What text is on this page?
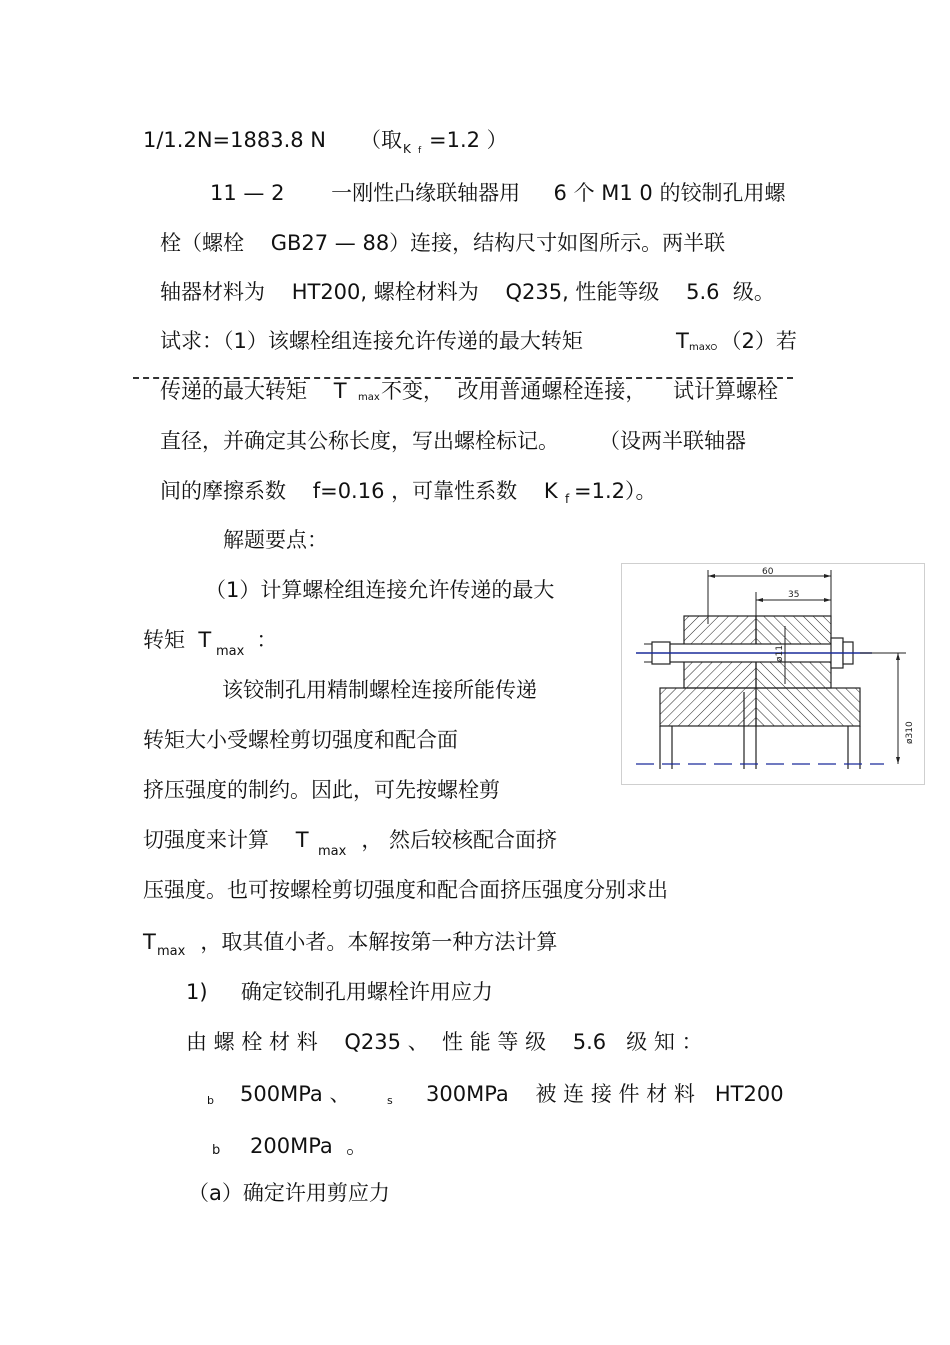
1/1.2N=1883.8 N （取 K f =1.2 ）
11 — 2       一刚性凸缘联轴器用     6 个 M1 0 的铰制孔用螺
栓（螺栓    GB27 — 88）连接，结构尺寸如图所示。两半联
轴器材料为    HT200, 螺栓材料为    Q235, 性能等级    5.6  级。
试求：（1）该螺栓组连接允许传递的最大转矩	T max 。（2）若
传递的最大转矩    T max 不变，  改用普通螺栓连接，    试计算螺栓
直径，并确定其公称长度，写出螺栓标记。      （设两半联轴器
间的摩擦系数    f=0.16 ，可靠性系数    K f =1.2）。
解题要点：
（1）计算螺栓组连接允许传递的最大
转矩  T max
：
该铰制孔用精制螺栓连接所能传递
转矩大小受螺栓剪切强度和配合面
挤压强度的制约。因此，可先按螺栓剪
切强度来计算    T max ， 然后较核配合面挤
压强度。也可按螺栓剪切强度和配合面挤压强度分别求出
T max ，取其值小者。本解按第一种方法计算
1)     确定铰制孔用螺栓许用应力
由 螺 栓 材 料    Q235 、  性 能 等 级    5.6   级 知 ：
b 500MPa 、	s 300MPa    被 连 接 件 材 料   HT200
b 200MPa  。
（a）确定许用剪应力
60
35
ø11
ø310
